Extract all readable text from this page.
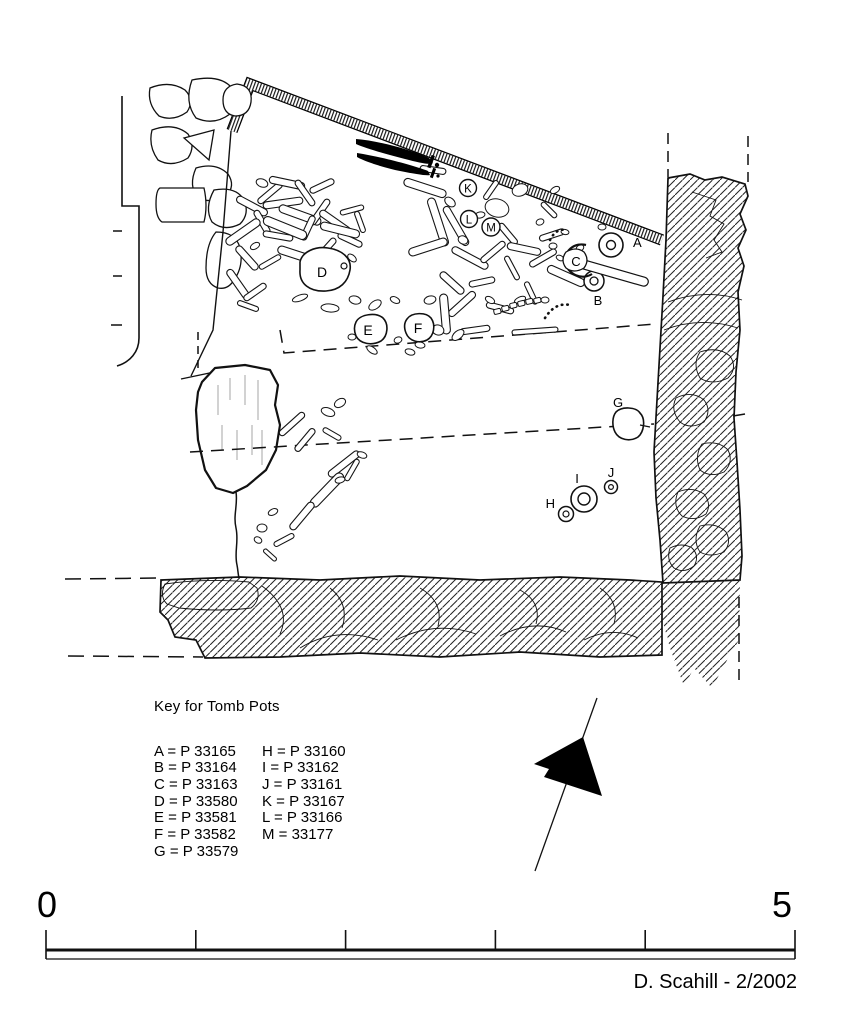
A
B
C
D
E	F
G
H
I J
K
L
M
Key for Tomb Pots
A = P 33165
B = P 33164
C = P 33163
D = P 33580
E = P 33581
F = P 33582
G = P 33579
H = P 33160
I = P 33162
J = P 33161
K = P 33167
L = P 33166
M = 33177
0	5
D. Scahill - 2/2002
